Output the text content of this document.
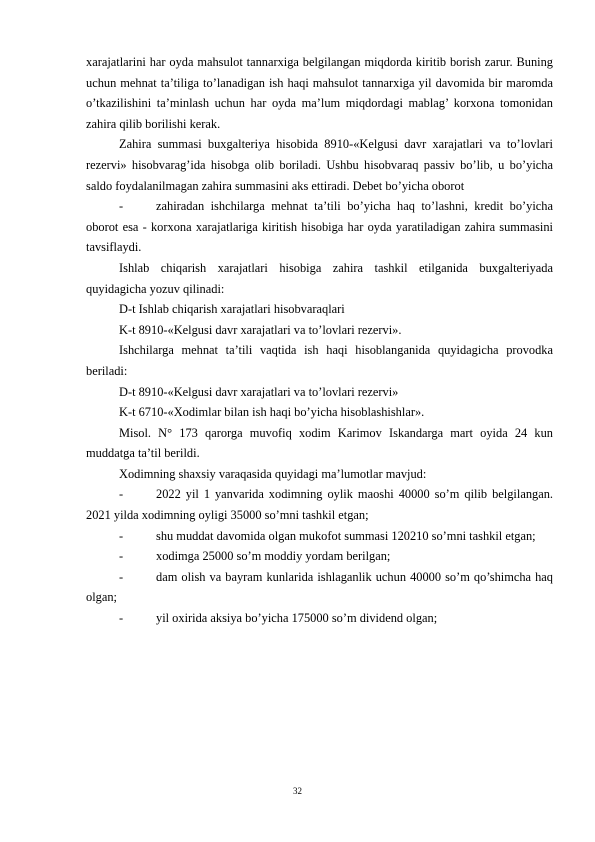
xarajatlarini har oyda mahsulot tannarxiga belgilangan miqdorda kiritib borish zarur. Buning uchun mehnat ta’tiliga to’lanadigan ish haqi mahsulot tannarxiga yil davomida bir maromda o’tkazilishini ta’minlash uchun har oyda ma’lum miqdordagi mablag’ korxona tomonidan zahira qilib borilishi kerak.

Zahira summasi buxgalteriya hisobida 8910-«Kelgusi davr xarajatlari va to’lovlari rezervi» hisobvarag’ida hisobga olib boriladi. Ushbu hisobvaraq passiv bo’lib, u bo’yicha saldo foydalanilmagan zahira summasini aks ettiradi. Debet bo’yicha oborot

-	zahiradan ishchilarga mehnat ta’tili bo’yicha haq to’lashni, kredit bo’yicha oborot esa - korxona xarajatlariga kiritish hisobiga har oyda yaratiladigan zahira summasini tavsiflaydi.

Ishlab chiqarish xarajatlari hisobiga zahira tashkil etilganida buxgalteriyada quyidagicha yozuv qilinadi:

D-t Ishlab chiqarish xarajatlari hisobvaraqlari

K-t 8910-«Kelgusi davr xarajatlari va to’lovlari rezervi».

Ishchilarga mehnat ta’tili vaqtida ish haqi hisoblanganida quyidagicha provodka beriladi:

D-t 8910-«Kelgusi davr xarajatlari va to’lovlari rezervi»

K-t 6710-«Xodimlar bilan ish haqi bo’yicha hisoblashishlar».

Misol. N° 173 qarorga muvofiq xodim Karimov Iskandarga mart oyida 24 kun muddatga ta’til berildi.

Xodimning shaxsiy varaqasida quyidagi ma’lumotlar mavjud:

-	2022 yil 1 yanvarida xodimning oylik maoshi 40000 so’m qilib belgilangan. 2021 yilda xodimning oyligi 35000 so’mni tashkil etgan;

-	shu muddat davomida olgan mukofot summasi 120210 so’mni tashkil etgan;

-	xodimga 25000 so’m moddiy yordam berilgan;

-	dam olish va bayram kunlarida ishlaganlik uchun 40000 so’m qo’shimcha haq olgan;

-	yil oxirida aksiya bo’yicha 175000 so’m dividend olgan;

32
